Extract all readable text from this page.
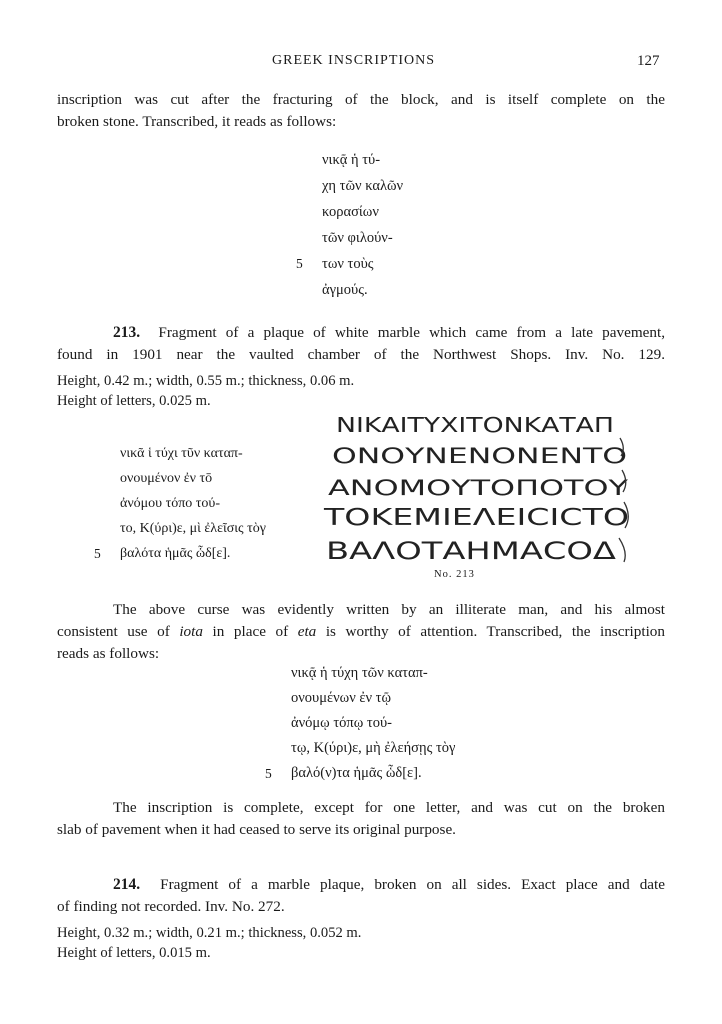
GREEK INSCRIPTIONS	127
inscription was cut after the fracturing of the block, and is itself complete on the
broken stone. Transcribed, it reads as follows:
νικᾷ ἡ τύ-
χη τῶν καλῶν
κορασίων
τῶν φιλούν-
5 των τοὺς
ἀγμούς.
213. Fragment of a plaque of white marble which came from a late pavement,
found in 1901 near the vaulted chamber of the Northwest Shops. Inv. No. 129.
Height, 0.42 m.; width, 0.55 m.; thickness, 0.06 m.
Height of letters, 0.025 m.
νικᾶ ἱ τύχι τῦν καταπ-
ονουμένον ἐν τō
ἀνόμου τόπο τού-
το, Κ(ύρι)ε, μὶ ἐλεῖσις τὸγ
5 βαλότα ἡμᾶς ὧδ[ε].
ΝΙΚΑΙΤΥΧΙΤΟΝΚΑΤΑΠ
ΟΝΟΥΝΕΝΟΝΕΝΤΟ
ΑΝΟΜΟΥΤΟΠΟΤΟΥ
ΤΟΚΕΜΙΕΛΕΙCICΤΟ
ΒΑΛΟΤΑΗΜΑCΟΔ
No. 213
The above curse was evidently written by an illiterate man, and his almost
consistent use of iota in place of eta is worthy of attention. Transcribed, the inscription
reads as follows:
νικᾷ ἡ τύχη τῶν καταπ-
ονουμένων ἐν τῷ
ἀνόμῳ τόπῳ τού-
τῳ, Κ(ύρι)ε, μὴ ἐλεήσῃς τὸγ
5 βαλό(ν)τα ἡμᾶς ὧδ[ε].
The inscription is complete, except for one letter, and was cut on the broken
slab of pavement when it had ceased to serve its original purpose.
214. Fragment of a marble plaque, broken on all sides. Exact place and date
of finding not recorded. Inv. No. 272.
Height, 0.32 m.; width, 0.21 m.; thickness, 0.052 m.
Height of letters, 0.015 m.
